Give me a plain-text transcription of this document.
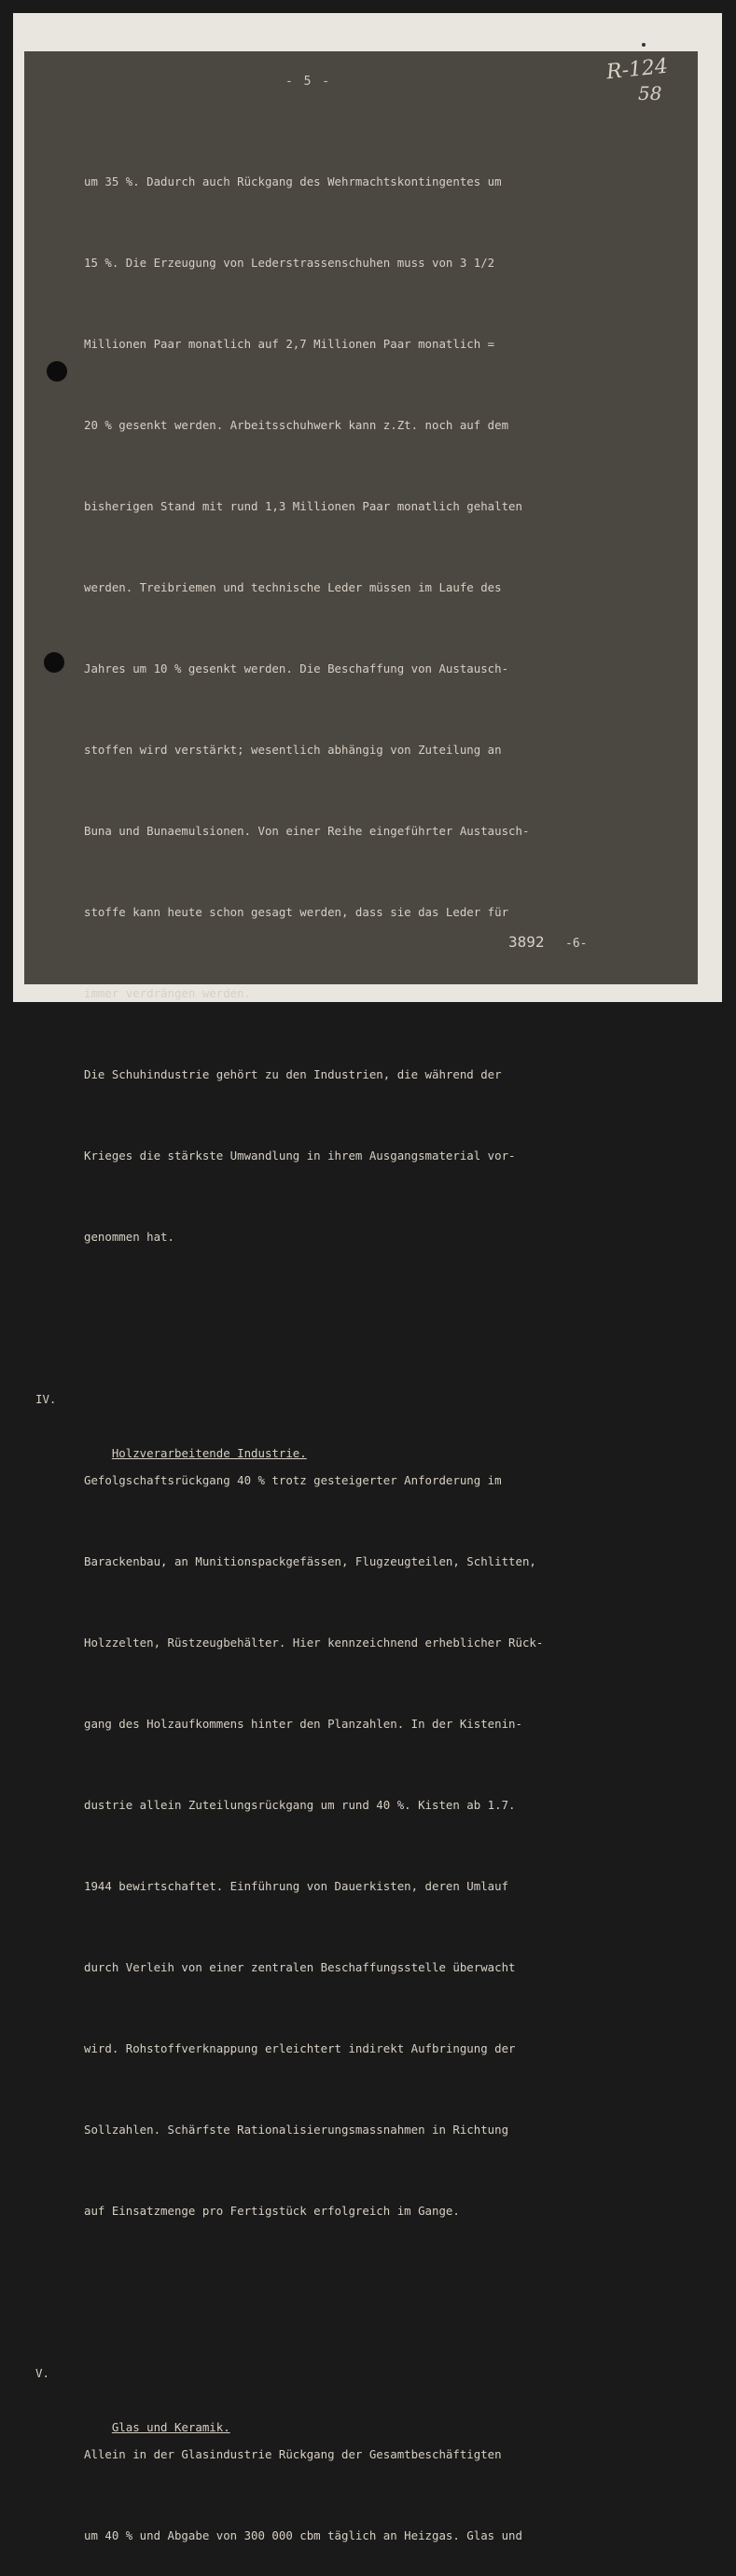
- 5 -	R-124
58

um 35 %. Dadurch auch Rückgang des Wehrmachtskontingentes um

15 %. Die Erzeugung von Lederstrassenschuhen muss von 3 1/2

Millionen Paar monatlich auf 2,7 Millionen Paar monatlich =

20 % gesenkt werden. Arbeitsschuhwerk kann z.Zt. noch auf dem

bisherigen Stand mit rund 1,3 Millionen Paar monatlich gehalten

werden. Treibriemen und technische Leder müssen im Laufe des

Jahres um 10 % gesenkt werden. Die Beschaffung von Austausch-

stoffen wird verstärkt; wesentlich abhängig von Zuteilung an

Buna und Bunaemulsionen. Von einer Reihe eingeführter Austausch-

stoffe kann heute schon gesagt werden, dass sie das Leder für

immer verdrängen werden.

Die Schuhindustrie gehört zu den Industrien, die während der

Krieges die stärkste Umwandlung in ihrem Ausgangsmaterial vor-

genommen hat.

IV.

Holzverarbeitende Industrie.

Gefolgschaftsrückgang 40 % trotz gesteigerter Anforderung im

Barackenbau, an Munitionspackgefässen, Flugzeugteilen, Schlitten,

Holzzelten, Rüstzeugbehälter. Hier kennzeichnend erheblicher Rück-

gang des Holzaufkommens hinter den Planzahlen. In der Kistenin-

dustrie allein Zuteilungsrückgang um rund 40 %. Kisten ab 1.7.

1944 bewirtschaftet. Einführung von Dauerkisten, deren Umlauf

durch Verleih von einer zentralen Beschaffungsstelle überwacht

wird. Rohstoffverknappung erleichtert indirekt Aufbringung der

Sollzahlen. Schärfste Rationalisierungsmassnahmen in Richtung

auf Einsatzmenge pro Fertigstück erfolgreich im Gange.

V.

Glas und Keramik.

Allein in der Glasindustrie Rückgang der Gesamtbeschäftigten

um 40 % und Abgabe von 300 000 cbm täglich an Heizgas. Glas und

3892 -6-
